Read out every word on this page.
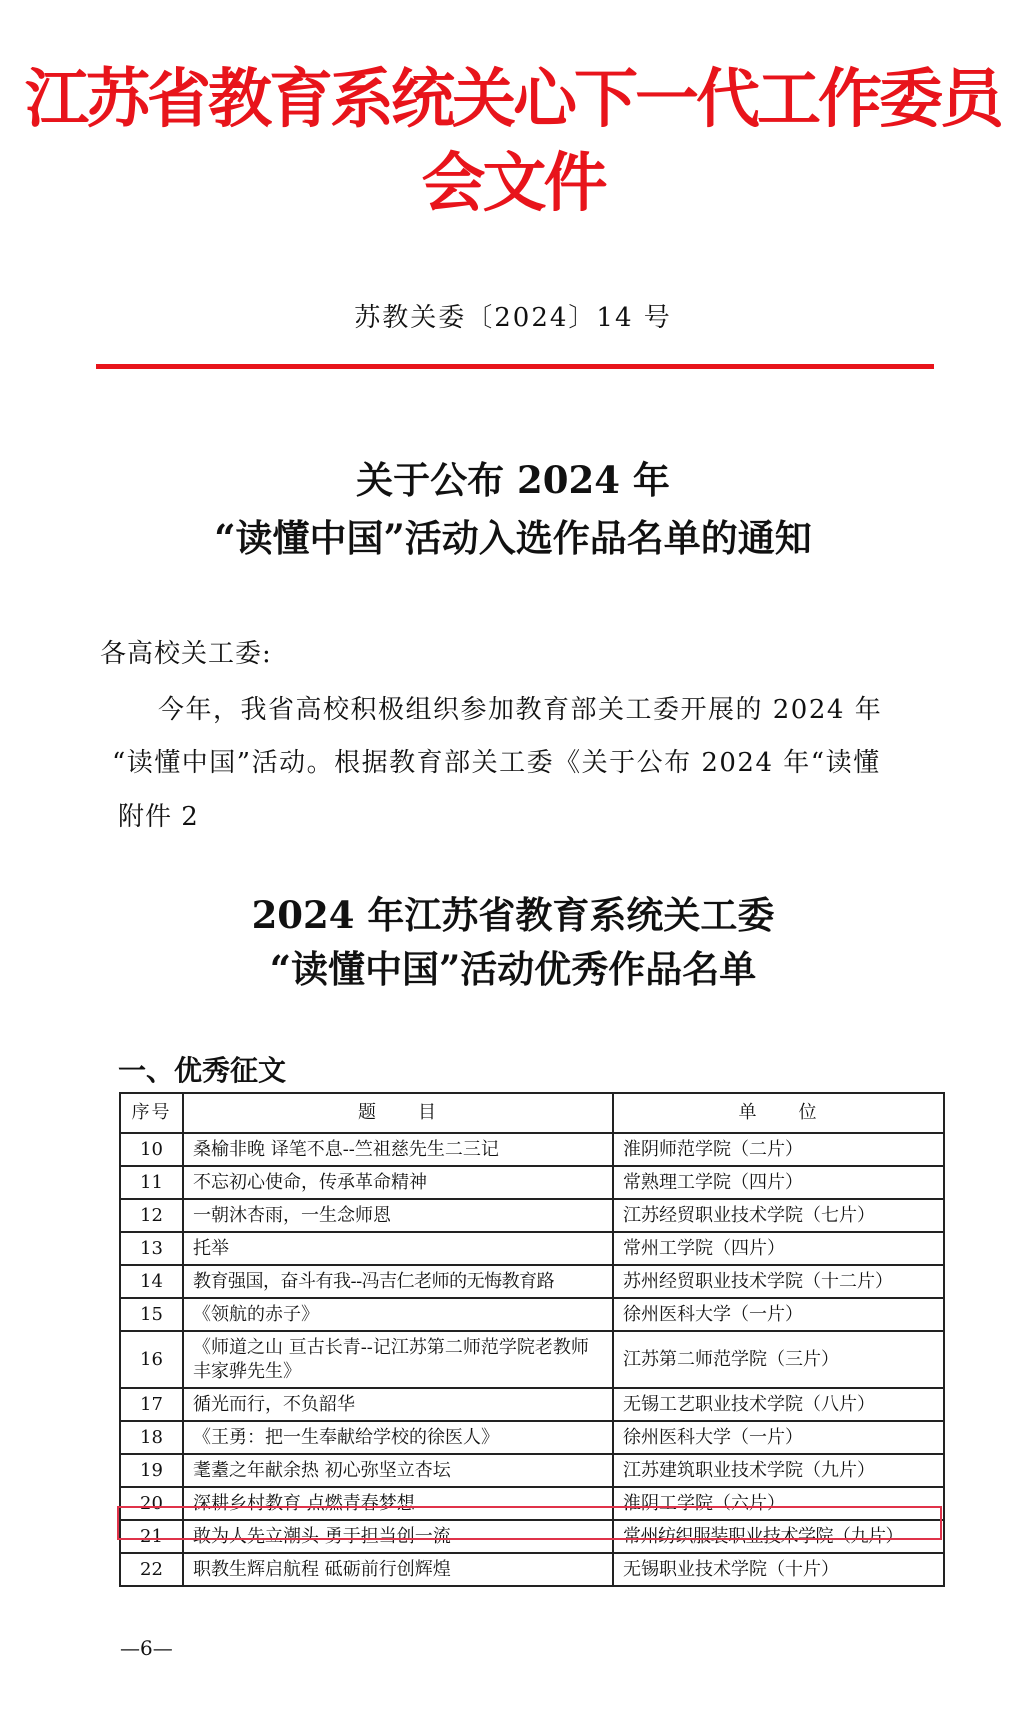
江苏省教育系统关心下一代工作委员会文件
苏教关委〔2024〕14 号
关于公布 2024 年
“读懂中国”活动入选作品名单的通知
各高校关工委:
今年，我省高校积极组织参加教育部关工委开展的 2024 年
“读懂中国”活动。根据教育部关工委《关于公布 2024 年“读懂
附件 2
2024 年江苏省教育系统关工委
“读懂中国”活动优秀作品名单
一、优秀征文
序号	题　　目	单　　位
10	桑榆非晚 译笔不息--竺祖慈先生二三记	淮阴师范学院（二片）
11	不忘初心使命，传承革命精神	常熟理工学院（四片）
12	一朝沐杏雨，一生念师恩	江苏经贸职业技术学院（七片）
13	托举	常州工学院（四片）
14	教育强国，奋斗有我--冯吉仁老师的无悔教育路	苏州经贸职业技术学院（十二片）
15	《领航的赤子》	徐州医科大学（一片）
16	《师道之山 亘古长青--记江苏第二师范学院老教师丰家骅先生》	江苏第二师范学院（三片）
17	循光而行，不负韶华	无锡工艺职业技术学院（八片）
18	《王勇：把一生奉献给学校的徐医人》	徐州医科大学（一片）
19	耄耋之年献余热 初心弥坚立杏坛	江苏建筑职业技术学院（九片）
20	深耕乡村教育 点燃青春梦想	淮阴工学院（六片）
21	敢为人先立潮头 勇于担当创一流	常州纺织服装职业技术学院（九片）
22	职教生辉启航程 砥砺前行创辉煌	无锡职业技术学院（十片）
—6—
